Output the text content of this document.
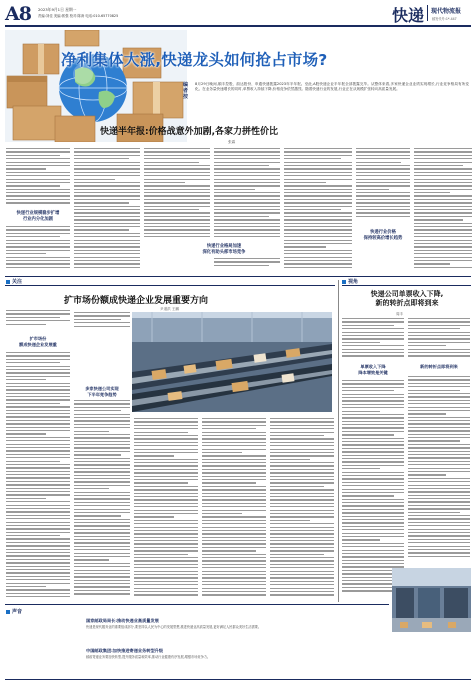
A8 2023年9月1日 星期一
责编:刘佳 美编:郭强 校对:陈涛 电话:010-65770825	快递 现代物流报
邮发代号:1*-447
净利集体大涨,快递龙头如何抢占市场?
编者按
8月29日晚间,顺丰控股、韵达股份、申通快递披露2023年半年报。至此,A股快递企业半年报全部披露完毕。从整体来看,多家快递企业业绩实现增长,行业竞争格局有所变化。在业务量快速增长的同时,单票收入持续下降,价格竞争依然激烈。随着快递行业的发展,行业正在从规模扩张转向高质量发展。
快递半年报:价格战意外加剧,各家力拼性价比
张霖
快递行业规模稳步扩增
行业内分化加剧
快递行业格局加速
深化有助头部市场竞争
快递行业价格
保持较高价增长趋势
关注
扩市场份额成快递企业发展重要方向
尹道洪 王鹏
扩市场份
额成快递企业发展重
多家快递公司实现
下半年竞争趋势
视角
快递公司单票收入下降,
新的转折点即将到来
周丰
单票收入下降
降本增效是关键
新的转折点即将到来
声音
国家邮政局局长:推动快递业高质量发展
快递是现代服务业的重要组成部分,要坚持以人民为中心的发展思想,推进快递业高质量发展,更好满足人民群众美好生活需要。
中国邮政集团:加快推进寄递业务转型升级
邮政寄递业务要加快转型,提升服务质量和效率,推动行业健康有序发展,增强市场竞争力。
